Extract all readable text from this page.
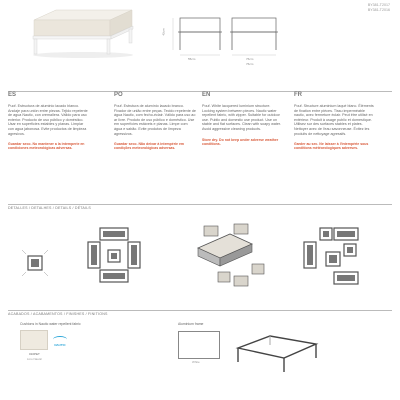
BY381-T2017
BY381-T2016
42cm
55cm	76cm
76cm
ES
Puof. Estructura de aluminio lacado blanco. Anclaje para unión entre piezas. Tejido repelente de agua Nautic, con cremallera. Válido para uso exterior. Producto de uso público y doméstico. Usar en superficies estables y planas. Limpiar con agua jabonosa. Evite productos de limpieza agresivos.
Guardar seco. No mantener a la intemperie en condiciones meteorológicas adversas.
PO
Pouf. Estrutura de alumínio lacado branco. Fixador de união entre peças. Tecido repelente de água Nautic, com fecho-éclair. Válido para uso ao ar livre. Produto de uso público e doméstico. Use em superfícies estáveis e planas. Limpe com água e sabão. Evite produtos de limpeza agressivos.
Guardar seco. Não deixar à intempérie em condições meteorológicas adversas.
EN
Pouf. White lacquered luminium structure. Locking system between pieces. Nautic water repellent fabric, with zipper. Suitable for outdoor use. Public and domestic use product. Use on stable and flat surfaces. Clean with soapy water. Avoid aggressive cleaning products.
Store dry. Do not keep under adverse weather conditions.
FR
Pouf. Structure aluminium laqué blanc. Éléments de fixation entre pièces. Tissu imperméable nautic, avec fermeture éclair. Peut être utilisé en extérieur. Produit à usage public et domestique. Utilisez sur des surfaces stables et plates. Nettoyer avec de l'eau savonneuse. Évitez les produits de nettoyage agressifs.
Garder au sec. Ne laisser à l'intempérie sous conditions météorologiques adverses.
DETALLES / DETALHES / DETAILS / DÉTAILS
ACABADOS / ACABAMENTOS / FINISHES / FINITIONS
Cushions in Nautic water repellent fabric
NAUTIC
010PET
Lino Nautic
Aluminium frame
White
